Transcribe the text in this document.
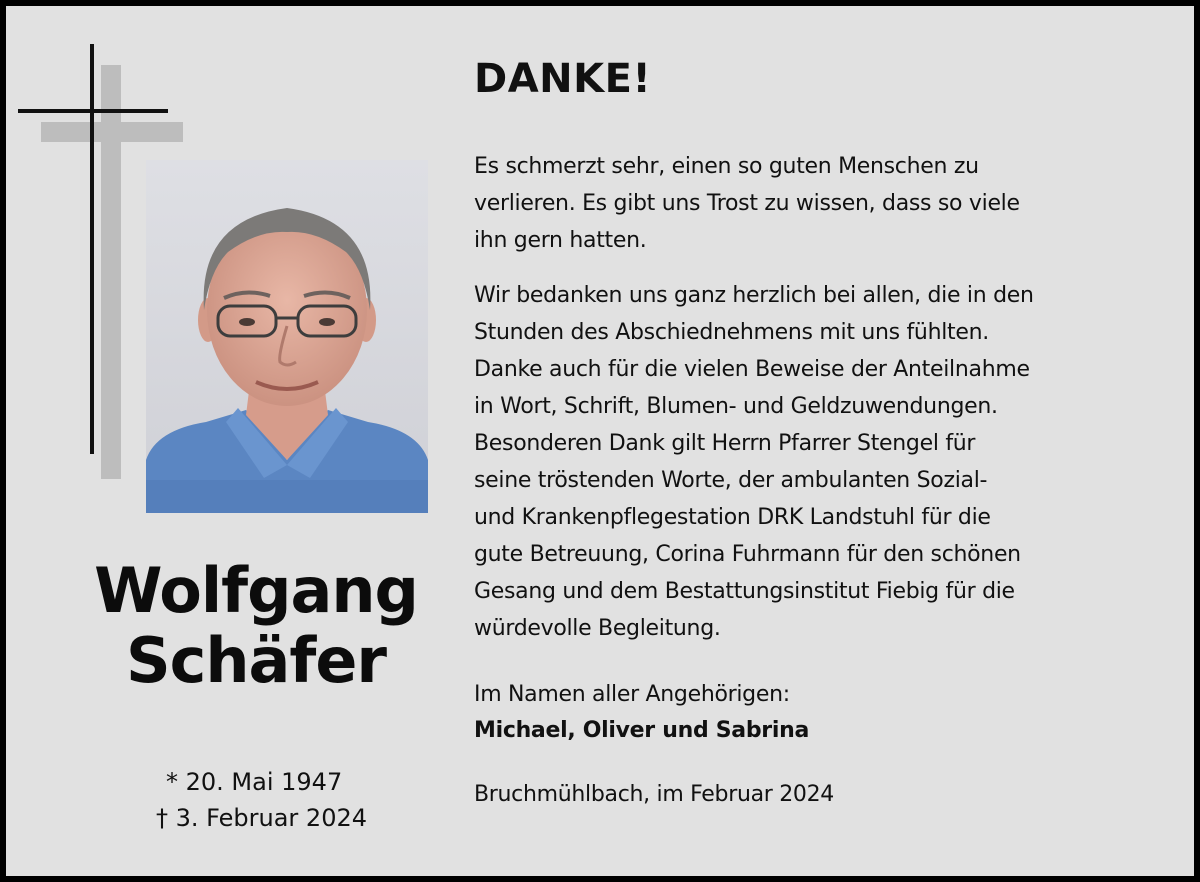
Wolfgang
Schäfer
* 20. Mai 1947
† 3. Februar 2024
DANKE!
Es schmerzt sehr, einen so guten Menschen zu
verlieren. Es gibt uns Trost zu wissen, dass so viele
ihn gern hatten.
Wir bedanken uns ganz herzlich bei allen, die in den
Stunden des Abschiednehmens mit uns fühlten.
Danke auch für die vielen Beweise der Anteilnahme
in Wort, Schrift, Blumen- und Geldzuwendungen.
Besonderen Dank gilt Herrn Pfarrer Stengel für
seine tröstenden Worte, der ambulanten Sozial-
und Krankenpflegestation DRK Landstuhl für die
gute Betreuung, Corina Fuhrmann für den schönen
Gesang und dem Bestattungsinstitut Fiebig für die
würdevolle Begleitung.
Im Namen aller Angehörigen:
Michael, Oliver und Sabrina
Bruchmühlbach, im Februar 2024
